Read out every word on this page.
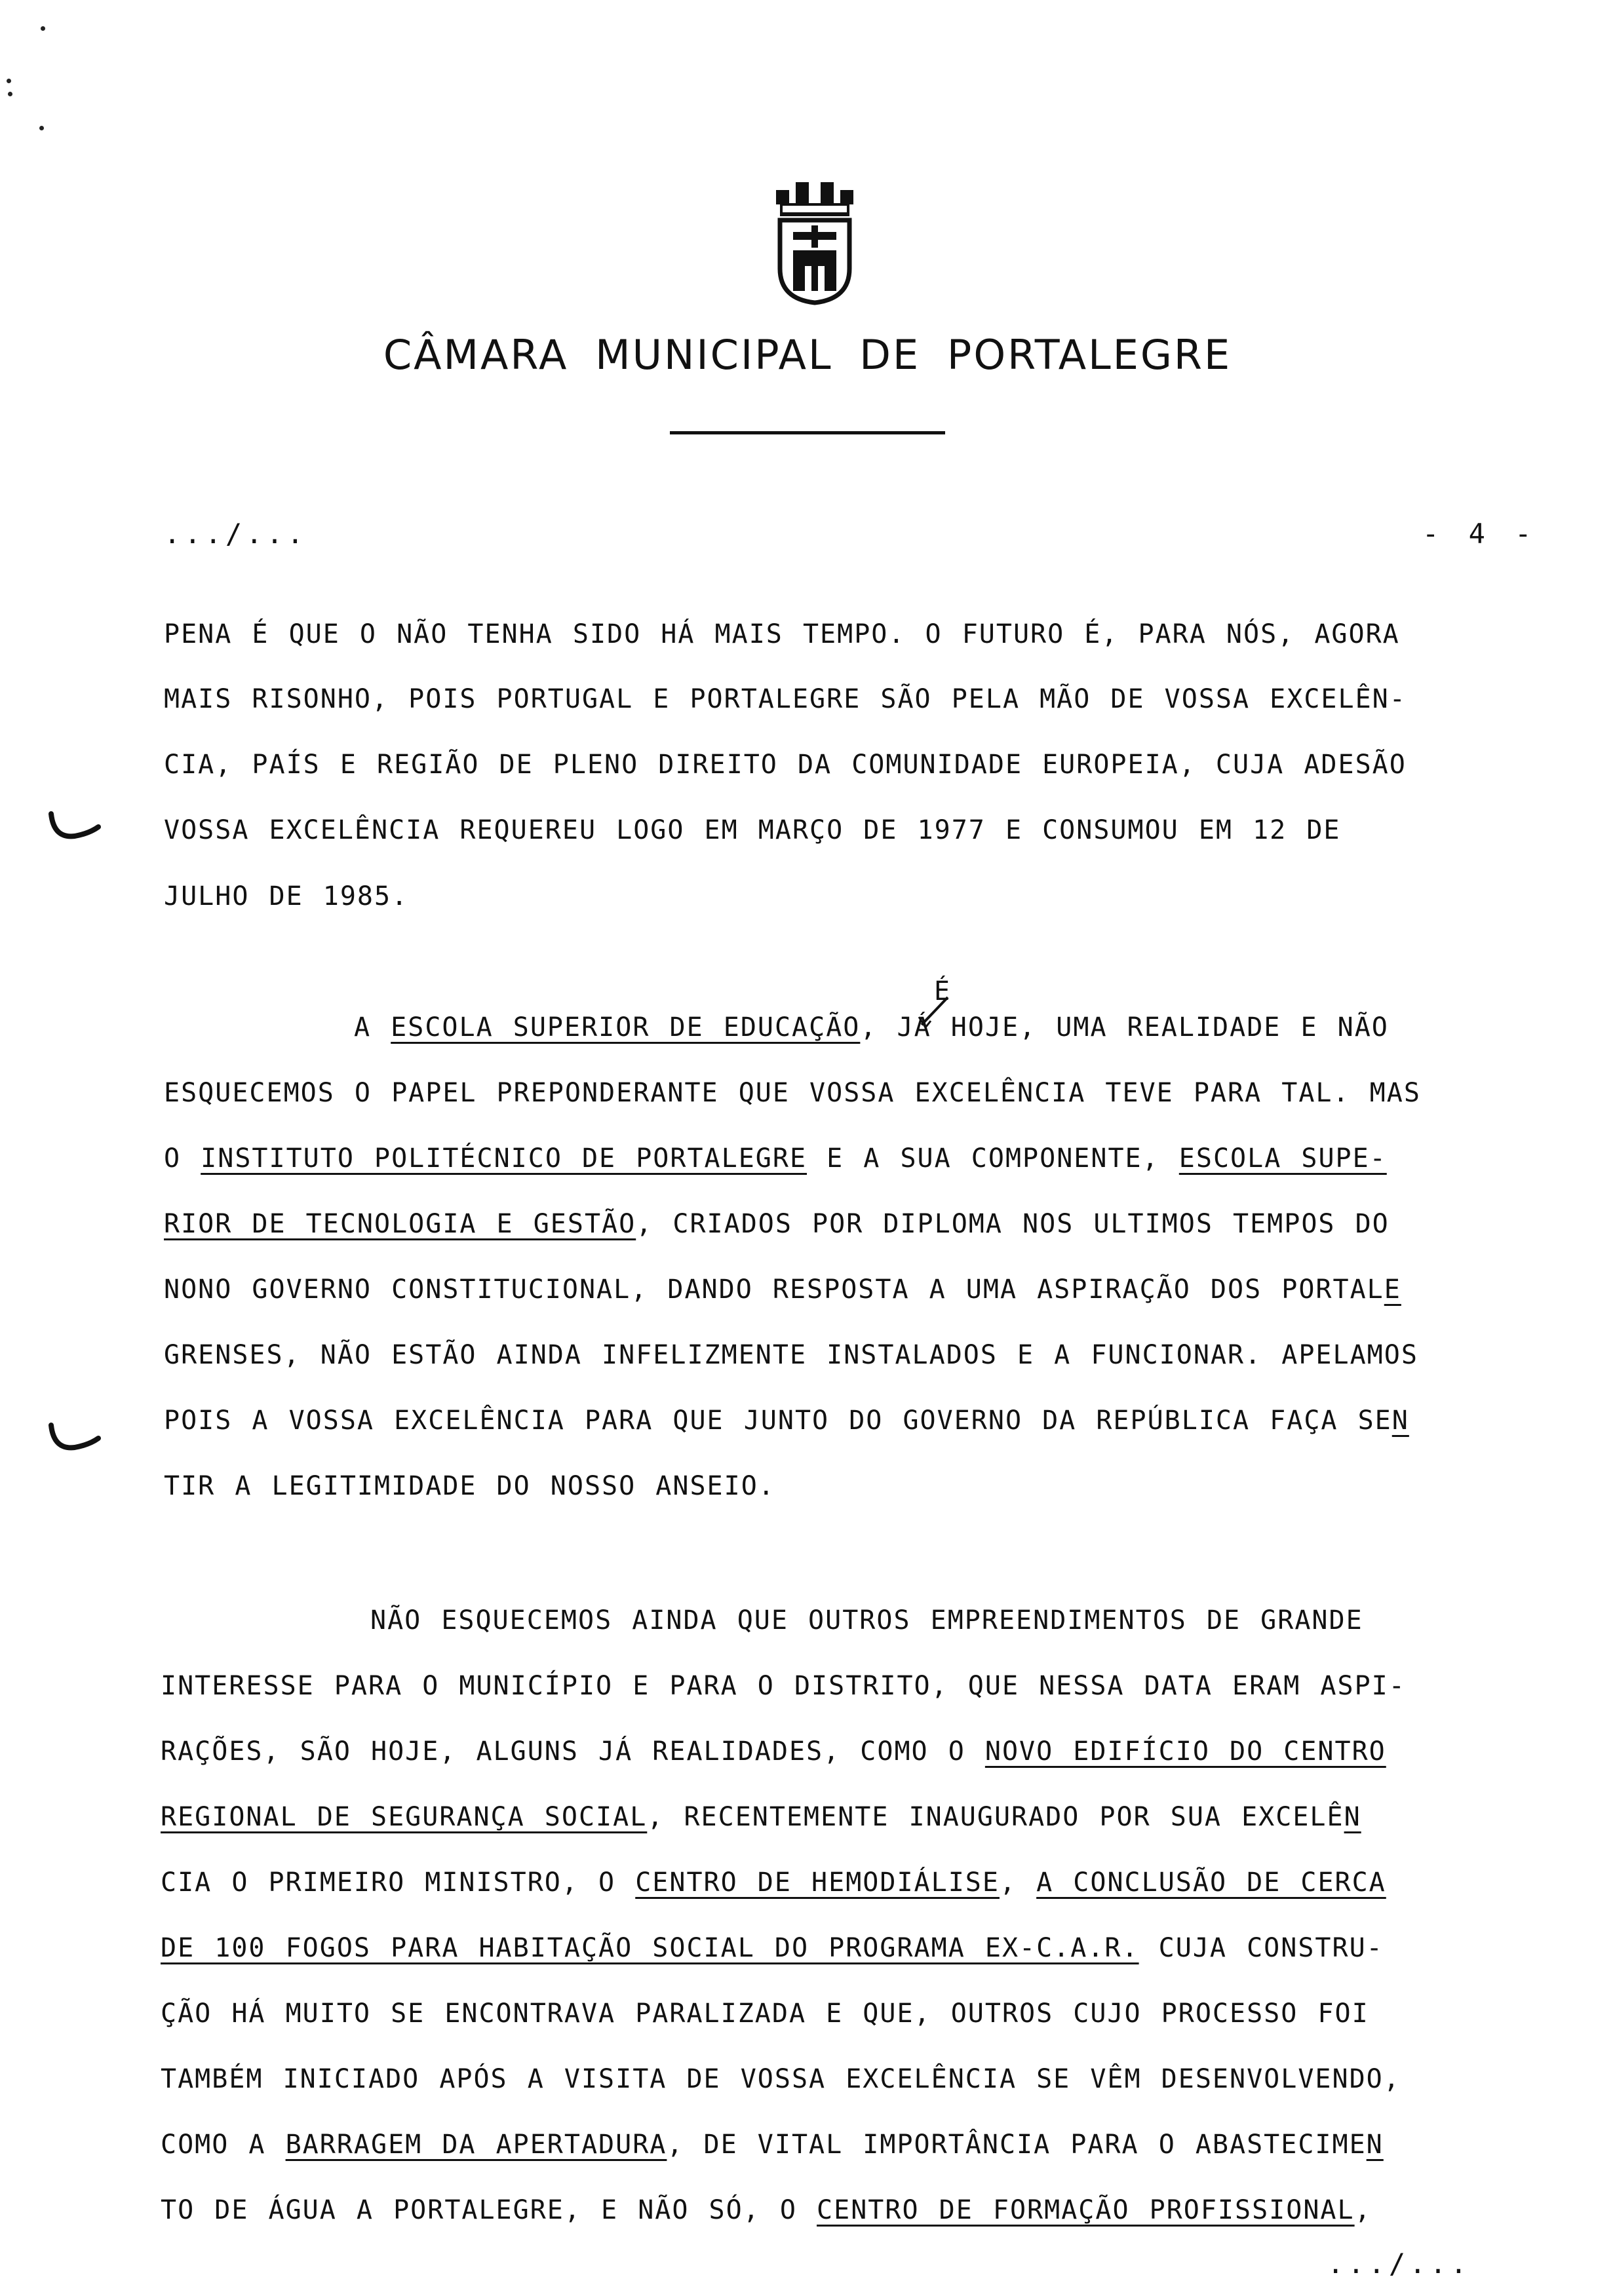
CÂMARA MUNICIPAL DE PORTALEGRE
.../...	- 4 -
É
PENA É QUE O NÃO TENHA SIDO HÁ MAIS TEMPO. O FUTURO É, PARA NÓS, AGORA
MAIS RISONHO, POIS PORTUGAL E PORTALEGRE SÃO PELA MÃO DE VOSSA EXCELÊN-
CIA, PAÍS E REGIÃO DE PLENO DIREITO DA COMUNIDADE EUROPEIA, CUJA ADESÃO
VOSSA EXCELÊNCIA REQUEREU LOGO EM MARÇO DE 1977 E CONSUMOU EM 12 DE
JULHO DE 1985.
A ESCOLA SUPERIOR DE EDUCAÇÃO, JÁ HOJE, UMA REALIDADE E NÃO
ESQUECEMOS O PAPEL PREPONDERANTE QUE VOSSA EXCELÊNCIA TEVE PARA TAL. MAS
O INSTITUTO POLITÉCNICO DE PORTALEGRE E A SUA COMPONENTE, ESCOLA SUPE-
RIOR DE TECNOLOGIA E GESTÃO, CRIADOS POR DIPLOMA NOS ULTIMOS TEMPOS DO
NONO GOVERNO CONSTITUCIONAL, DANDO RESPOSTA A UMA ASPIRAÇÃO DOS PORTALE
GRENSES, NÃO ESTÃO AINDA INFELIZMENTE INSTALADOS E A FUNCIONAR. APELAMOS
POIS A VOSSA EXCELÊNCIA PARA QUE JUNTO DO GOVERNO DA REPÚBLICA FAÇA SEN
TIR A LEGITIMIDADE DO NOSSO ANSEIO.
NÃO ESQUECEMOS AINDA QUE OUTROS EMPREENDIMENTOS DE GRANDE
INTERESSE PARA O MUNICÍPIO E PARA O DISTRITO, QUE NESSA DATA ERAM ASPI-
RAÇÕES, SÃO HOJE, ALGUNS JÁ REALIDADES, COMO O NOVO EDIFÍCIO DO CENTRO
REGIONAL DE SEGURANÇA SOCIAL, RECENTEMENTE INAUGURADO POR SUA EXCELÊN
CIA O PRIMEIRO MINISTRO, O CENTRO DE HEMODIÁLISE, A CONCLUSÃO DE CERCA
DE 100 FOGOS PARA HABITAÇÃO SOCIAL DO PROGRAMA EX-C.A.R. CUJA CONSTRU-
ÇÃO HÁ MUITO SE ENCONTRAVA PARALIZADA E QUE, OUTROS CUJO PROCESSO FOI
TAMBÉM INICIADO APÓS A VISITA DE VOSSA EXCELÊNCIA SE VÊM DESENVOLVENDO,
COMO A BARRAGEM DA APERTADURA, DE VITAL IMPORTÂNCIA PARA O ABASTECIMEN
TO DE ÁGUA A PORTALEGRE, E NÃO SÓ, O CENTRO DE FORMAÇÃO PROFISSIONAL,
.../...
